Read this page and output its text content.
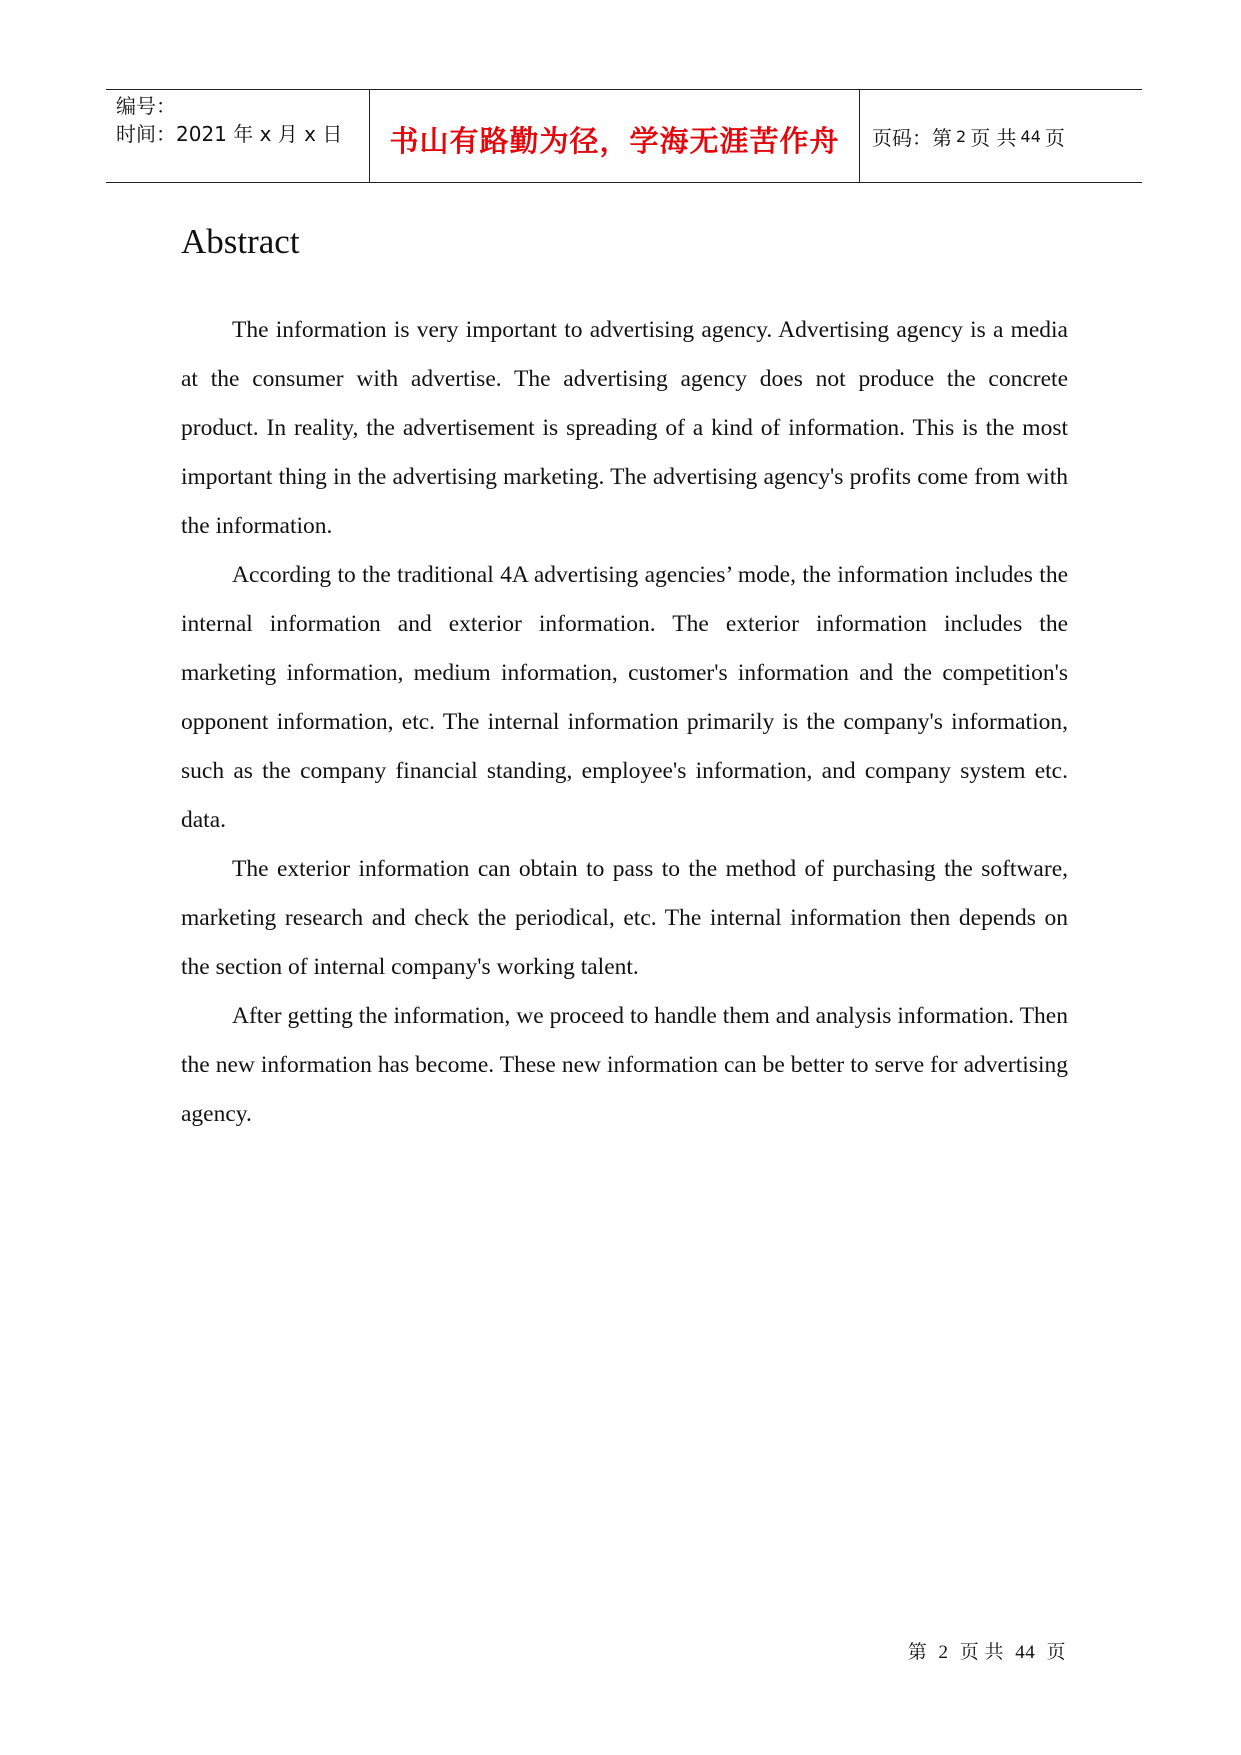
编号：
时间：2021 年 x 月 x 日	书山有路勤为径，学海无涯苦作舟 页码：第 2 页 共 44 页
Abstract

The information is very important to advertising agency. Advertising agency is a media at the consumer with advertise. The advertising agency does not produce the concrete product. In reality, the advertisement is spreading of a kind of information. This is the most important thing in the advertising marketing. The advertising agency's profits come from with the information.

According to the traditional 4A advertising agencies’ mode, the information includes the internal information and exterior information. The exterior information includes the marketing information, medium information, customer's information and the competition's opponent information, etc. The internal information primarily is the company's information, such as the company financial standing, employee's information, and company system etc. data.

The exterior information can obtain to pass to the method of purchasing the software, marketing research and check the periodical, etc. The internal information then depends on the section of internal company's working talent.

After getting the information, we proceed to handle them and analysis information. Then the new information has become. These new information can be better to serve for advertising agency.

第 2 页 共 44 页
